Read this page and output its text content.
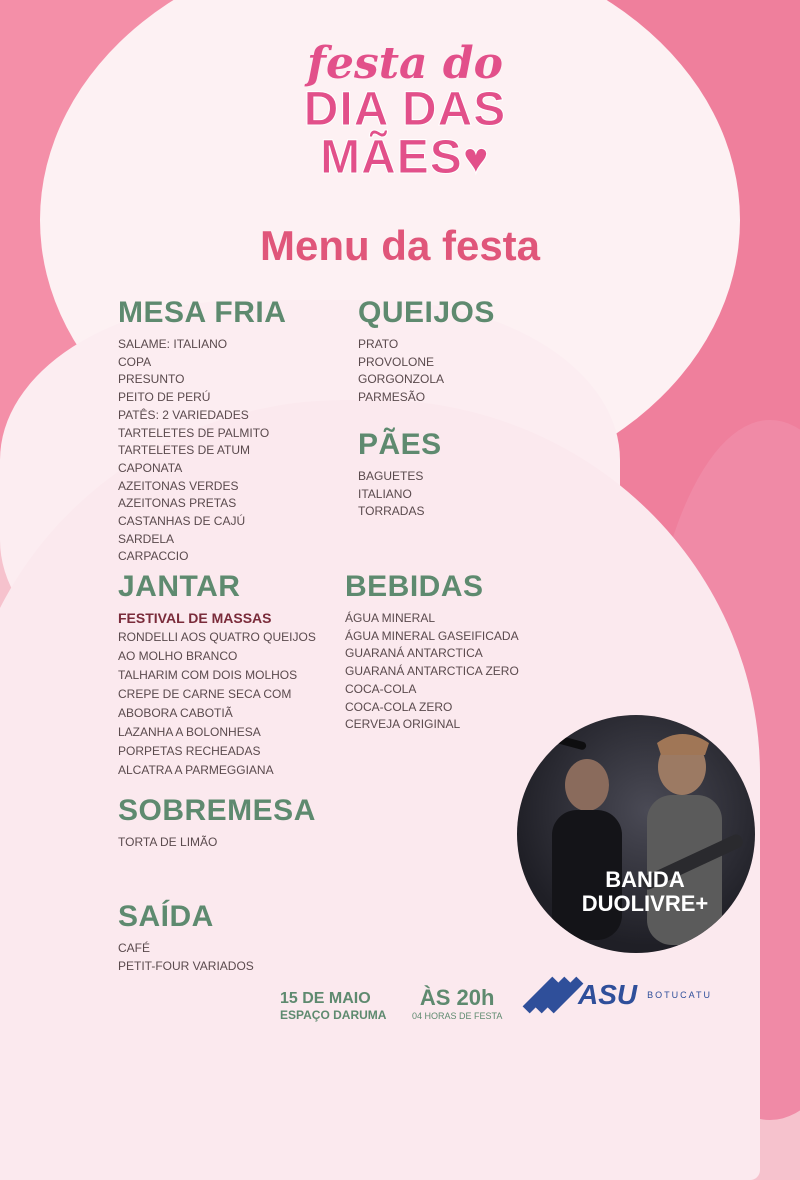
festa do
DIA DAS
MÃES♥
Menu da festa
MESA FRIA
SALAME: ITALIANO
COPA
PRESUNTO
PEITO DE PERÚ
PATÊS: 2 VARIEDADES
TARTELETES DE PALMITO
TARTELETES DE ATUM
CAPONATA
AZEITONAS VERDES
AZEITONAS PRETAS
CASTANHAS DE CAJÚ
SARDELA
CARPACCIO
QUEIJOS
PRATO
PROVOLONE
GORGONZOLA
PARMESÃO
PÃES
BAGUETES
ITALIANO
TORRADAS
JANTAR
FESTIVAL DE MASSAS
RONDELLI AOS QUATRO QUEIJOS
AO MOLHO BRANCO
TALHARIM COM DOIS MOLHOS
CREPE DE CARNE SECA COM
ABOBORA CABOTIÃ
LAZANHA A BOLONHESA
PORPETAS RECHEADAS
ALCATRA A PARMEGGIANA
BEBIDAS
ÁGUA MINERAL
ÁGUA MINERAL GASEIFICADA
GUARANÁ ANTARCTICA
GUARANÁ ANTARCTICA ZERO
COCA-COLA
COCA-COLA ZERO
CERVEJA ORIGINAL
SOBREMESA
TORTA DE LIMÃO
SAÍDA
CAFÉ
PETIT-FOUR VARIADOS
BANDA
DUOLIVRE+
15 DE MAIO
ESPAÇO DARUMA
ÀS 20h
04 HORAS DE FESTA
ASU BOTUCATU
